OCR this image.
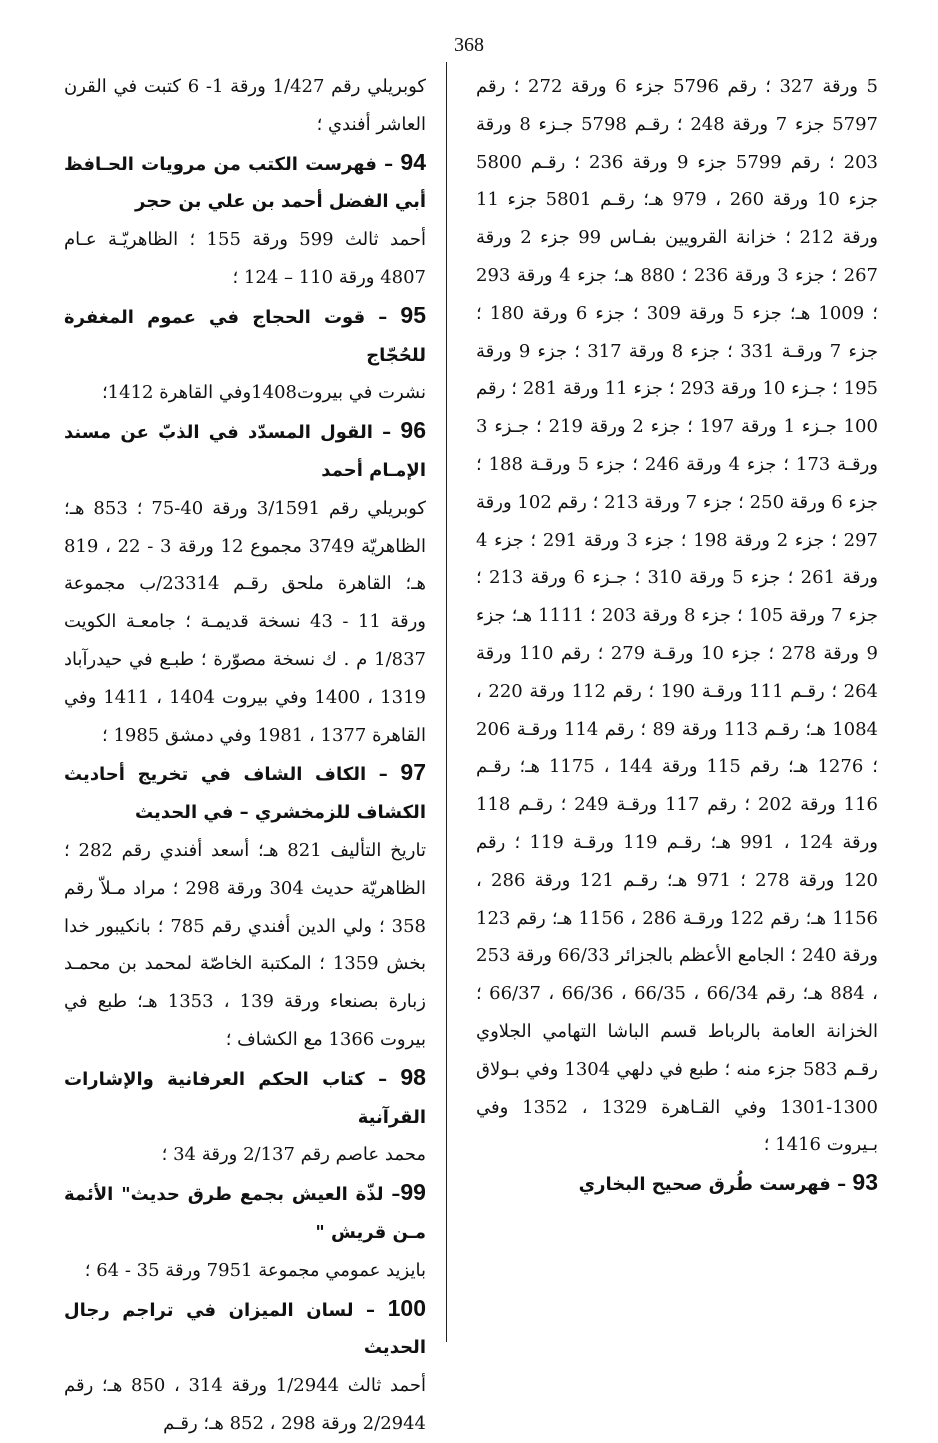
368

5 ورقة 327 ؛ رقم 5796 جزء 6 ورقة 272 ؛ رقم 5797 جزء 7 ورقة 248 ؛ رقـم 5798 جـزء 8 ورقة 203 ؛ رقم 5799 جزء 9 ورقة 236 ؛ رقـم 5800 جزء 10 ورقة 260 ، 979 هـ؛ رقـم 5801 جزء 11 ورقة 212 ؛ خزانة القرويين بفـاس 99 جزء 2 ورقة 267 ؛ جزء 3 ورقة 236 ؛ 880 هـ؛ جزء 4 ورقة 293 ؛ 1009 هـ؛ جزء 5 ورقة 309 ؛ جزء 6 ورقة 180 ؛ جزء 7 ورقـة 331 ؛ جزء 8 ورقة 317 ؛ جزء 9 ورقة 195 ؛ جـزء 10 ورقة 293 ؛ جزء 11 ورقة 281 ؛ رقم 100 جـزء 1 ورقة 197 ؛ جزء 2 ورقة 219 ؛ جـزء 3 ورقـة 173 ؛ جزء 4 ورقة 246 ؛ جزء 5 ورقـة 188 ؛ جزء 6 ورقة 250 ؛ جزء 7 ورقة 213 ؛ رقم 102 ورقة 297 ؛ جزء 2 ورقة 198 ؛ جزء 3 ورقة 291 ؛ جزء 4 ورقة 261 ؛ جزء 5 ورقة 310 ؛ جـزء 6 ورقة 213 ؛ جزء 7 ورقة 105 ؛ جزء 8 ورقة 203 ؛ 1111 هـ؛ جزء 9 ورقة 278 ؛ جزء 10 ورقـة 279 ؛ رقم 110 ورقة 264 ؛ رقـم 111 ورقـة 190 ؛ رقم 112 ورقة 220 ، 1084 هـ؛ رقـم 113 ورقة 89 ؛ رقم 114 ورقـة 206 ؛ 1276 هـ؛ رقم 115 ورقة 144 ، 1175 هـ؛ رقـم 116 ورقة 202 ؛ رقم 117 ورقـة 249 ؛ رقـم 118 ورقة 124 ، 991 هـ؛ رقـم 119 ورقـة 119 ؛ رقم 120 ورقة 278 ؛ 971 هـ؛ رقـم 121 ورقة 286 ، 1156 هـ؛ رقم 122 ورقـة 286 ، 1156 هـ؛ رقم 123 ورقة 240 ؛ الجامع الأعظم بالجزائر 66/33 ورقة 253 ، 884 هـ؛ رقم 66/34 ، 66/35 ، 66/36 ، 66/37 ؛ الخزانة العامة بالرباط قسم الباشا التهامي الجلاوي رقـم 583 جزء منه ؛ طبع في دلهي 1304 وفي بـولاق 1300-1301 وفي القـاهرة 1329 ، 1352 وفي بـيروت 1416 ؛

93 – فهرست طُرق صحيح البخاري

كوبريلي رقم 1/427 ورقة 1- 6 كتبت في القرن العاشر أفندي ؛

94 – فهرست الكتب من مرويات الحـافظ أبي الفضل أحمد بن علي بن حجر

أحمد ثالث 599 ورقة 155 ؛ الظاهريّـة عـام 4807 ورقة 110 – 124 ؛

95 – قوت الحجاج في عموم المغفرة للحُجّاج

نشرت في بيروت1408وفي القاهرة 1412؛

96 – القول المسدّد في الذبّ عن مسند الإمـام أحمد

كوبريلي رقم 3/1591 ورقة 40-75 ؛ 853 هـ؛ الظاهريّة 3749 مجموع 12 ورقة 3 - 22 ، 819 هـ؛ القاهرة ملحق رقـم 23314/ب مجموعة ورقة 11 - 43 نسخة قديمـة ؛ جامعـة الكويت 1/837 م . ك نسخة مصوّرة ؛ طبـع في حيدرآباد 1319 ، 1400 وفي بيروت 1404 ، 1411 وفي القاهرة 1377 ، 1981 وفي دمشق 1985 ؛

97 – الكاف الشاف في تخريج أحاديث الكشاف للزمخشري – في الحديث

تاريخ التأليف 821 هـ؛ أسعد أفندي رقم 282 ؛ الظاهريّة حديث 304 ورقة 298 ؛ مراد مـلاّ رقم 358 ؛ ولي الدين أفندي رقم 785 ؛ بانكيبور خدا بخش 1359 ؛ المكتبة الخاصّة لمحمد بن محمـد زبارة بصنعاء ورقة 139 ، 1353 هـ؛ طبع في بيروت 1366 مع الكشاف ؛

98 – كتاب الحكم العرفانية والإشارات القرآنية

محمد عاصم رقم 2/137 ورقة 34 ؛

99– لذّة العيش بجمع طرق حديث" الأئمة مـن قريش "

بايزيد عمومي مجموعة 7951 ورقة 35 - 64 ؛

100 – لسان الميزان في تراجم رجال الحديث

أحمد ثالث 1/2944 ورقة 314 ، 850 هـ؛ رقم 2/2944 ورقة 298 ، 852 هـ؛ رقـم
